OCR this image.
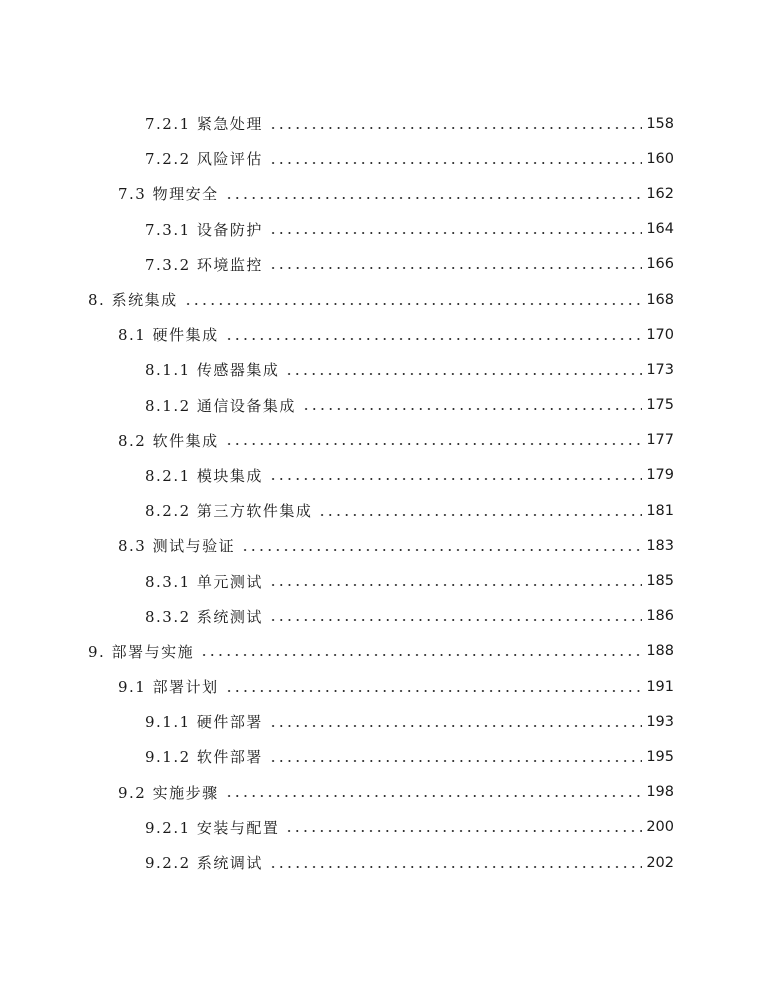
7.2.1 紧急处理	158
7.2.2 风险评估	160
7.3 物理安全	162
7.3.1 设备防护	164
7.3.2 环境监控	166
8. 系统集成	168
8.1 硬件集成	170
8.1.1 传感器集成	173
8.1.2 通信设备集成	175
8.2 软件集成	177
8.2.1 模块集成	179
8.2.2 第三方软件集成	181
8.3 测试与验证	183
8.3.1 单元测试	185
8.3.2 系统测试	186
9. 部署与实施	188
9.1 部署计划	191
9.1.1 硬件部署	193
9.1.2 软件部署	195
9.2 实施步骤	198
9.2.1 安装与配置	200
9.2.2 系统调试	202
